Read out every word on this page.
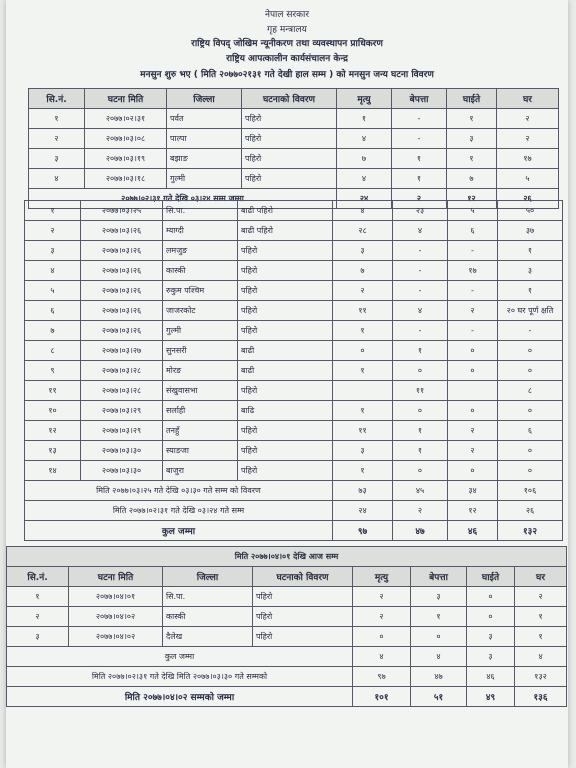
नेपाल सरकार
गृह मन्त्रालय
राष्ट्रिय विपद् जोखिम न्यूनीकरण तथा व्यवस्थापन प्राधिकरण
राष्ट्रिय आपत्कालीन कार्यसंचालन केन्द्र
मनसुन शुरु भए ( मिति २०७७०२१३१ गते देखी हाल सम्म ) को मनसुन जन्य घटना विवरण
सि.नं.	घटना मिति	जिल्ला	घटनाको विवरण	मृत्यु	बेपत्ता	घाईते	घर
१	२०७७।०२।३१	पर्वत	पहिरो	१	-	१	२
२	२०७७।०३।०८	पाल्पा	पहिरो	४	-	३	२
३	२०७७।०३।१९	बझाङ	पहिरो	७	१	१	१७
४	२०७७।०३।१८	गुल्मी	पहिरो	४	१	७	५
२०७७।०२।३१ गते देखि ०३।२४ सम्म जम्मा				२४	२	१२	२६
१	२०७७।०३।२५	सि.पा.	बाढी पहिरो	४	२३	५	५०
२	२०७७।०३।२६	म्याग्दी	बाढी पहिरो	२८	४	६	३७
३	२०७७।०३।२६	लमजुङ	पहिरो	३	-	-	१
४	२०७७।०३।२६	कास्की	पहिरो	७	-	१७	३
५	२०७७।०३।२६	रुकुम पश्चिम	पहिरो	२	-	-	१
६	२०७७।०३।२६	जाजरकोट	पहिरो	११	४	२	२० घर पूर्ण क्षति
७	२०७७।०३।२६	गुल्मी	पहिरो	१	-	-	-
८	२०७७।०३।२७	सुनसरी	बाढी	०	१	०	०
९	२०७७।०३।२८	मोरङ	बाढी	१	०	०	०
११	२०७७।०३।२८	संखुवासभा	पहिरो		११		८
१०	२०७७।०३।२९	सर्लाही	बाढि	१	०	०	०
१२	२०७७।०३।२९	तनहुँ	पहिरो	११	१	२	६
१३	२०७७।०३।३०	स्याङजा	पहिरो	३	१	२	०
१४	२०७७।०३।३०	बाजुरा	पहिरो	१	०	०	०
मिति २०७७।०३।२५ गते देखि ०३।३० गते सम्म को विवरण				७३	४५	३४	१०६
मिति २०७७।०२।३१ गते देखि ०३।२४ गते सम्म				२४	२	१२	२६
कुल जम्मा				९७	४७	४६	१३२
मिति २०७७।०४।०१ देखि आज सम्म							
सि.नं.	घटना मिति	जिल्ला	घटनाको विवरण	मृत्यु	बेपत्ता	घाईते	घर
१	२०७७।०४।०१	सि.पा.	पहिरो	२	३	०	२
२	२०७७।०४।०२	कास्की	पहिरो	२	१	०	१
३	२०७७।०४।०२	दैलेख	पहिरो	०	०	३	१
कुल जम्मा				४	४	३	४
मिति २०७७।०२।३१ गते देखि मिति २०७७।०३।३० गते सम्मको				९७	४७	४६	१३२
मिति २०७७।०४।०२ सम्मको जम्मा				१०१	५१	४९	१३६
